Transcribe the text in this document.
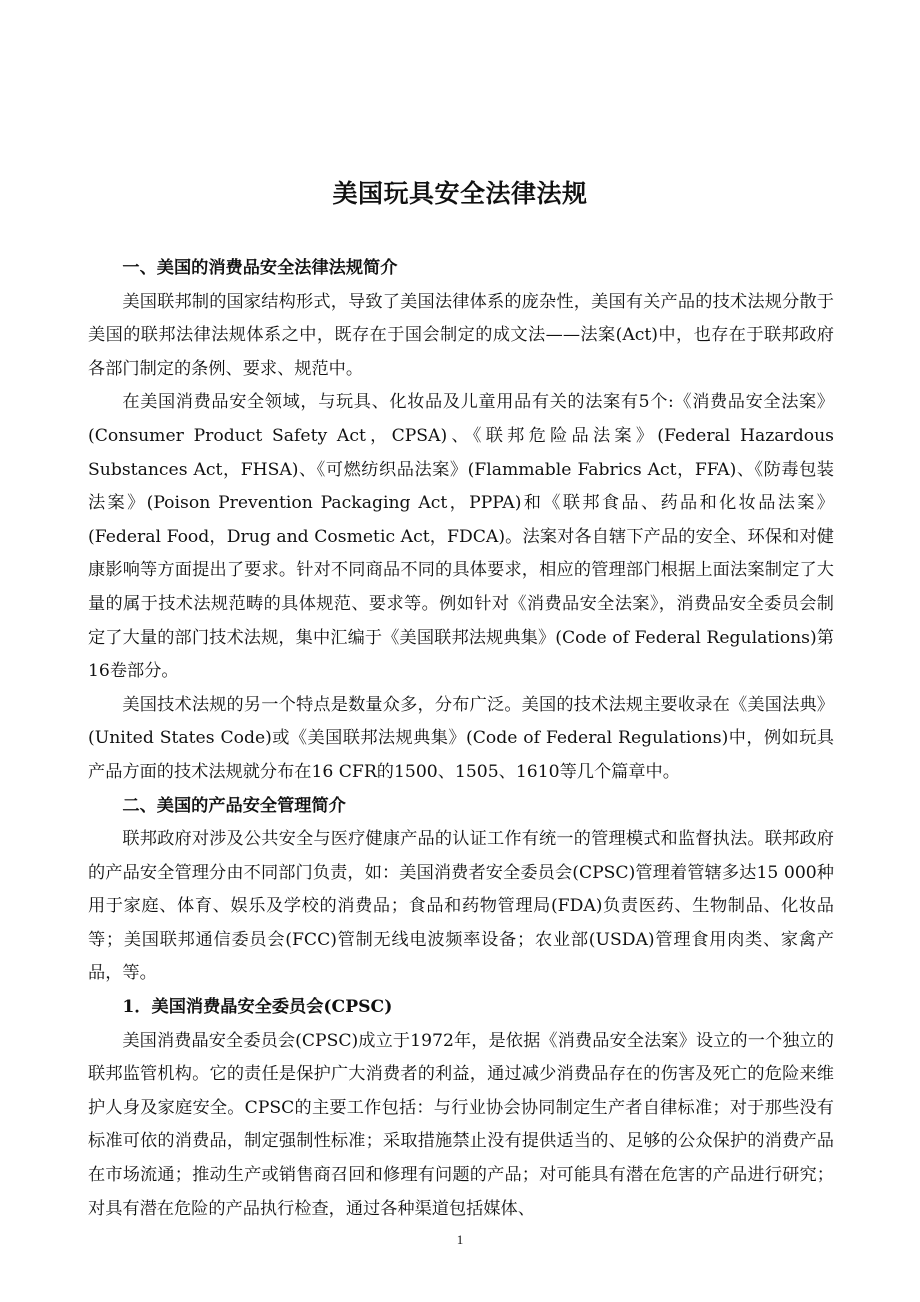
美国玩具安全法律法规

一、美国的消费品安全法律法规简介

美国联邦制的国家结构形式，导致了美国法律体系的庞杂性，美国有关产品的技术法规分散于美国的联邦法律法规体系之中，既存在于国会制定的成文法——法案(Act)中，也存在于联邦政府各部门制定的条例、要求、规范中。

在美国消费品安全领域，与玩具、化妆品及儿童用品有关的法案有5个:《消费品安全法案》(Consumer Product Safety Act，CPSA)、《联邦危险品法案》(Federal Hazardous Substances Act，FHSA)、《可燃纺织品法案》(Flammable Fabrics Act，FFA)、《防毒包装法案》(Poison Prevention Packaging Act，PPPA)和《联邦食品、药品和化妆品法案》(Federal Food，Drug and Cosmetic Act，FDCA)。法案对各自辖下产品的安全、环保和对健康影响等方面提出了要求。针对不同商品不同的具体要求，相应的管理部门根据上面法案制定了大量的属于技术法规范畴的具体规范、要求等。例如针对《消费品安全法案》，消费品安全委员会制定了大量的部门技术法规，集中汇编于《美国联邦法规典集》(Code of Federal Regulations)第16卷部分。

美国技术法规的另一个特点是数量众多，分布广泛。美国的技术法规主要收录在《美国法典》(United States Code)或《美国联邦法规典集》(Code of Federal Regulations)中，例如玩具产品方面的技术法规就分布在16 CFR的1500、1505、1610等几个篇章中。

二、美国的产品安全管理简介

联邦政府对涉及公共安全与医疗健康产品的认证工作有统一的管理模式和监督执法。联邦政府的产品安全管理分由不同部门负责，如：美国消费者安全委员会(CPSC)管理着管辖多达15 000种用于家庭、体育、娱乐及学校的消费品；食品和药物管理局(FDA)负责医药、生物制品、化妆品等；美国联邦通信委员会(FCC)管制无线电波频率设备；农业部(USDA)管理食用肉类、家禽产品，等。

1．美国消费晶安全委员会(CPSC)

美国消费晶安全委员会(CPSC)成立于1972年，是依据《消费品安全法案》设立的一个独立的联邦监管机构。它的责任是保护广大消费者的利益，通过减少消费品存在的伤害及死亡的危险来维护人身及家庭安全。CPSC的主要工作包括：与行业协会协同制定生产者自律标准；对于那些没有标准可依的消费品，制定强制性标准；采取措施禁止没有提供适当的、足够的公众保护的消费产品在市场流通；推动生产或销售商召回和修理有问题的产品；对可能具有潜在危害的产品进行研究；对具有潜在危险的产品执行检查，通过各种渠道包括媒体、

1
